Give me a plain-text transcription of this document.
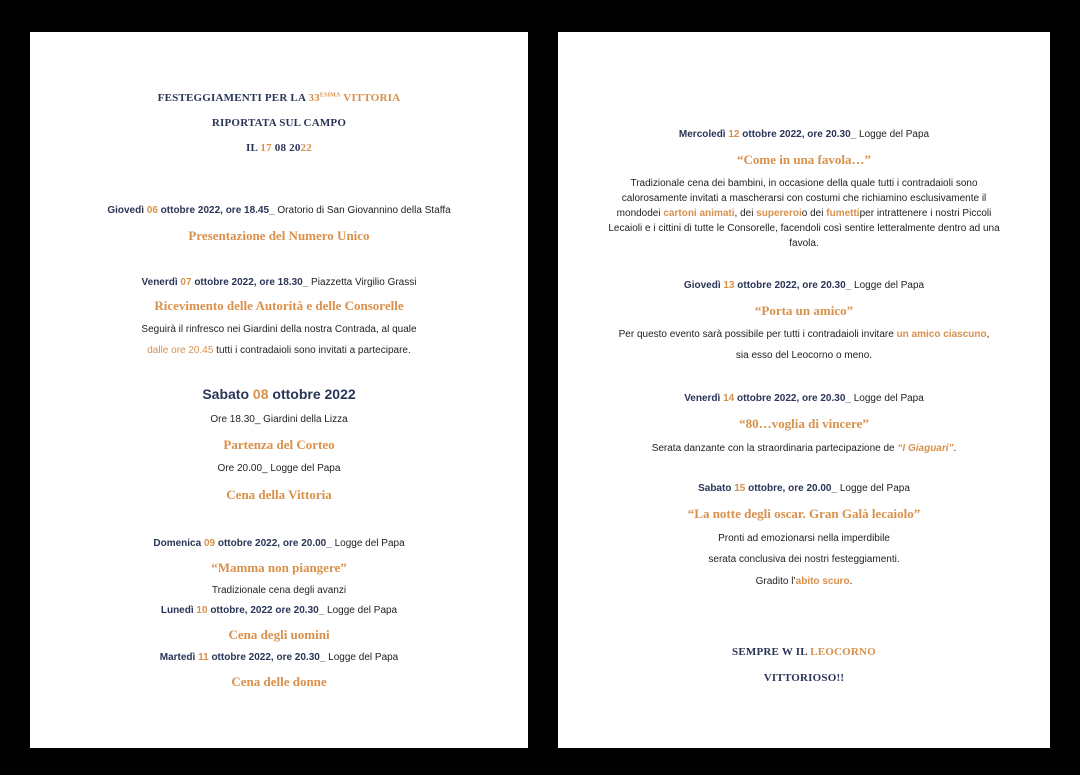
FESTEGGIAMENTI PER LA $33^{ESIMA}$ VITTORIA

RIPORTATA SUL CAMPO

IL 17 08 2022

Giovedì 06 ottobre 2022, ore 18.45_ Oratorio di San Giovannino della Staffa

Presentazione del Numero Unico

Venerdì 07 ottobre 2022, ore 18.30_ Piazzetta Virgilio Grassi

Ricevimento delle Autorità e delle Consorelle

Seguirà il rinfresco nei Giardini della nostra Contrada, al quale

dalle ore 20.45 tutti i contradaioli sono invitati a partecipare.

Sabato 08 ottobre 2022

Ore 18.30_ Giardini della Lizza

Partenza del Corteo

Ore 20.00_ Logge del Papa

Cena della Vittoria

Domenica 09 ottobre 2022, ore 20.00_ Logge del Papa

“Mamma non piangere”

Tradizionale cena degli avanzi

Lunedì 10 ottobre, 2022 ore 20.30_ Logge del Papa

Cena degli uomini

Martedì 11 ottobre 2022, ore 20.30_ Logge del Papa

Cena delle donne

Mercoledì 12 ottobre 2022, ore 20.30_ Logge del Papa

“Come in una favola…”

Tradizionale cena dei bambini, in occasione della quale tutti i contradaioli sono

calorosamente invitati a mascherarsi con costumi che richiamino esclusivamente il

mondodei cartoni animati, dei supereroio dei fumettiper intrattenere i nostri Piccoli

Lecaioli e i cittini di tutte le Consorelle, facendoli così sentire letteralmente dentro ad una

favola.

Giovedì 13 ottobre 2022, ore 20.30_ Logge del Papa

“Porta un amico”

Per questo evento sarà possibile per tutti i contradaioli invitare un amico ciascuno,

sia esso del Leocorno o meno.

Venerdì 14 ottobre 2022, ore 20.30_ Logge del Papa

“80…voglia di vincere”

Serata danzante con la straordinaria partecipazione de “I Giaguari”.

Sabato 15 ottobre, ore 20.00_ Logge del Papa

“La notte degli oscar. Gran Galà lecaiolo”

Pronti ad emozionarsi nella imperdibile

serata conclusiva dei nostri festeggiamenti.

Gradito l’abito scuro.

SEMPRE W IL LEOCORNO

VITTORIOSO!!
